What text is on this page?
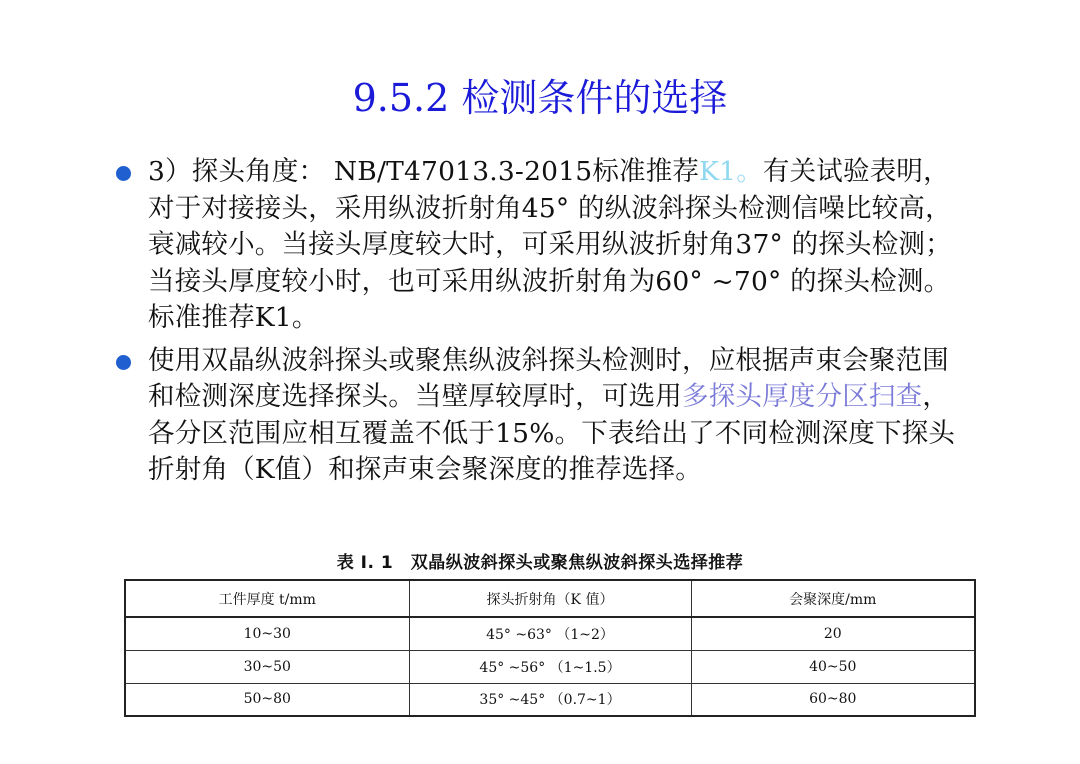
9.5.2 检测条件的选择
3）探头角度： NB/T47013.3-2015标准推荐K1。有关试验表明，对于对接接头，采用纵波折射角45° 的纵波斜探头检测信噪比较高，衰减较小。当接头厚度较大时，可采用纵波折射角37° 的探头检测；当接头厚度较小时，也可采用纵波折射角为60° ~70° 的探头检测。标准推荐K1。
使用双晶纵波斜探头或聚焦纵波斜探头检测时，应根据声束会聚范围和检测深度选择探头。当壁厚较厚时，可选用多探头厚度分区扫查，各分区范围应相互覆盖不低于15%。下表给出了不同检测深度下探头折射角（K值）和探声束会聚深度的推荐选择。
表 I. 1　双晶纵波斜探头或聚焦纵波斜探头选择推荐
工件厚度 t/mm	探头折射角（K 值）	会聚深度/mm
10~30	45° ~63° （1~2）	20
30~50	45° ~56° （1~1.5）	40~50
50~80	35° ~45° （0.7~1）	60~80
